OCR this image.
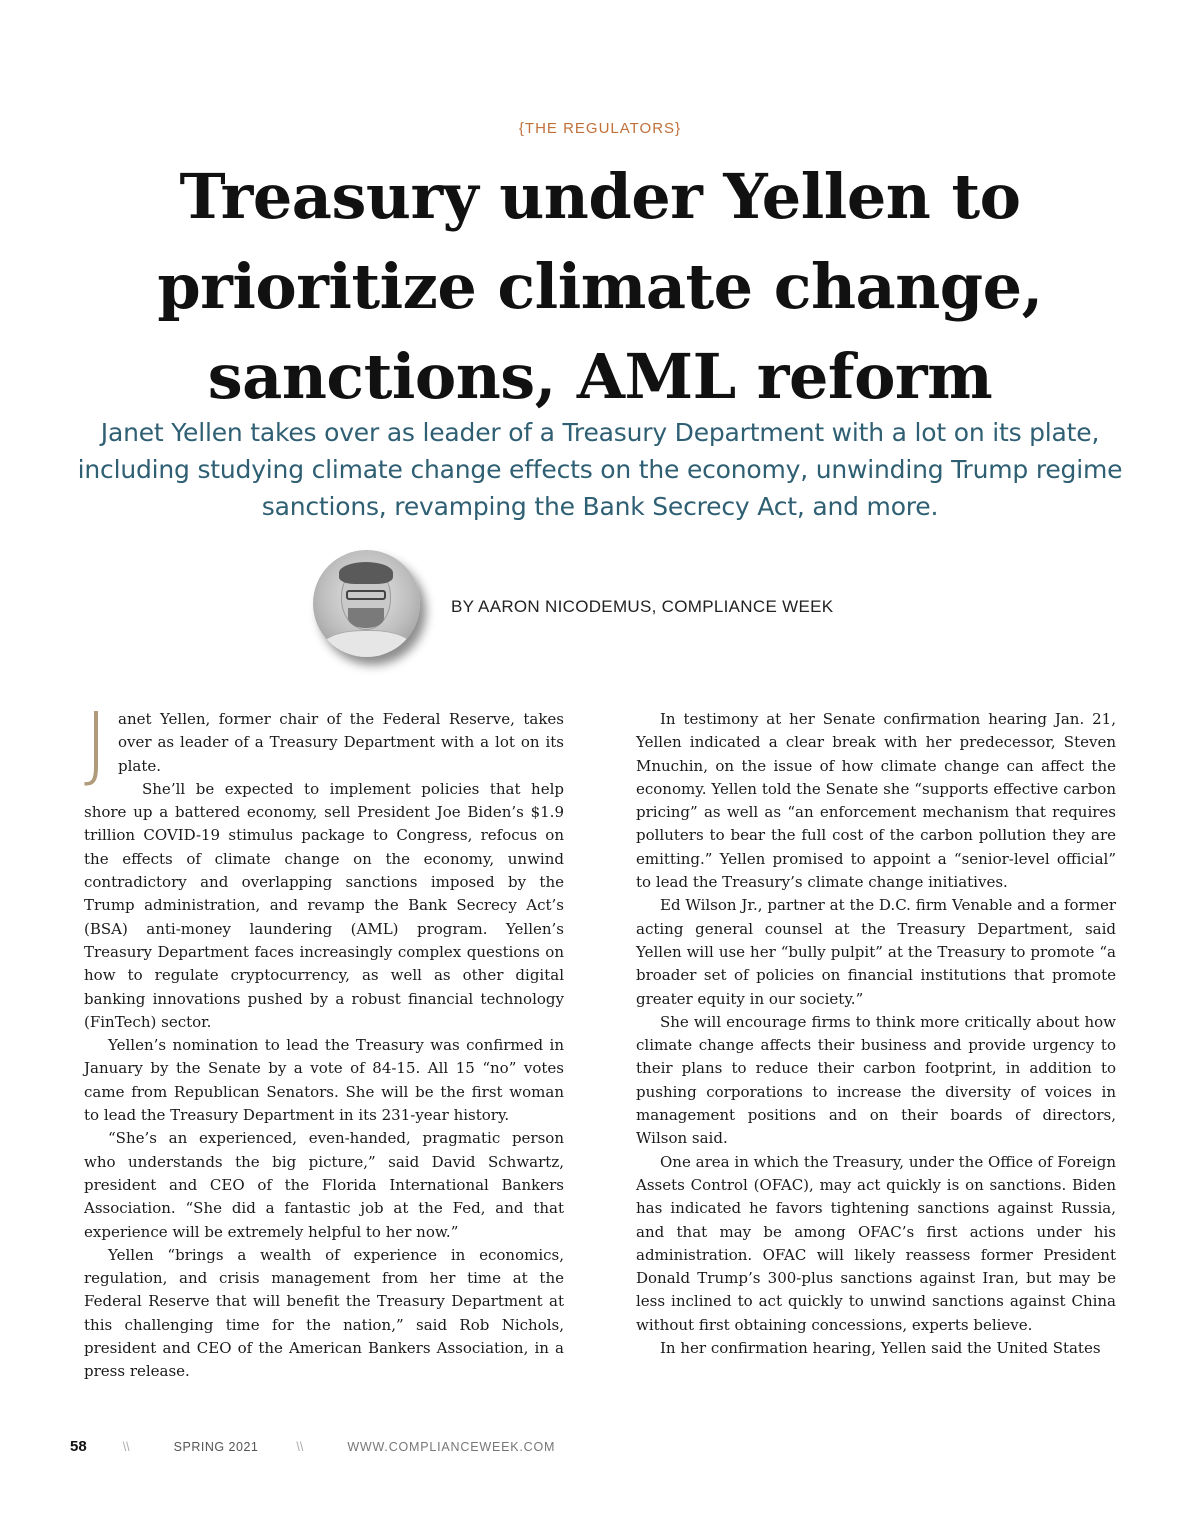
{THE REGULATORS}
Treasury under Yellen to prioritize climate change, sanctions, AML reform
Janet Yellen takes over as leader of a Treasury Department with a lot on its plate, including studying climate change effects on the economy, unwinding Trump regime sanctions, revamping the Bank Secrecy Act, and more.
BY AARON NICODEMUS, COMPLIANCE WEEK

Janet Yellen, former chair of the Federal Reserve, takes over as leader of a Treasury Department with a lot on its plate.

She’ll be expected to implement policies that help shore up a battered economy, sell President Joe Biden’s $1.9 trillion COVID-19 stimulus package to Congress, refocus on the effects of climate change on the economy, unwind contradictory and overlapping sanctions imposed by the Trump administration, and revamp the Bank Secrecy Act’s (BSA) anti-money laundering (AML) program. Yellen’s Treasury Department faces increasingly complex questions on how to regulate cryptocurrency, as well as other digital banking innovations pushed by a robust financial technology (FinTech) sector.

Yellen’s nomination to lead the Treasury was confirmed in January by the Senate by a vote of 84-15. All 15 “no” votes came from Republican Senators. She will be the first woman to lead the Treasury Department in its 231-year history.

“She’s an experienced, even-handed, pragmatic person who understands the big picture,” said David Schwartz, president and CEO of the Florida International Bankers Association. “She did a fantastic job at the Fed, and that experience will be extremely helpful to her now.”

Yellen “brings a wealth of experience in economics, regulation, and crisis management from her time at the Federal Reserve that will benefit the Treasury Department at this challenging time for the nation,” said Rob Nichols, president and CEO of the American Bankers Association, in a press release.

In testimony at her Senate confirmation hearing Jan. 21, Yellen indicated a clear break with her predecessor, Steven Mnuchin, on the issue of how climate change can affect the economy. Yellen told the Senate she “supports effective carbon pricing” as well as “an enforcement mechanism that requires polluters to bear the full cost of the carbon pollution they are emitting.” Yellen promised to appoint a “senior-level official” to lead the Treasury’s climate change initiatives.

Ed Wilson Jr., partner at the D.C. firm Venable and a former acting general counsel at the Treasury Department, said Yellen will use her “bully pulpit” at the Treasury to promote “a broader set of policies on financial institutions that promote greater equity in our society.”

She will encourage firms to think more critically about how climate change affects their business and provide urgency to their plans to reduce their carbon footprint, in addition to pushing corporations to increase the diversity of voices in management positions and on their boards of directors, Wilson said.

One area in which the Treasury, under the Office of Foreign Assets Control (OFAC), may act quickly is on sanctions. Biden has indicated he favors tightening sanctions against Russia, and that may be among OFAC’s first actions under his administration. OFAC will likely reassess former President Donald Trump’s 300-plus sanctions against Iran, but may be less inclined to act quickly to unwind sanctions against China without first obtaining concessions, experts believe.

In her confirmation hearing, Yellen said the United States

58	\\	SPRING 2021	\\	WWW.COMPLIANCEWEEK.COM
